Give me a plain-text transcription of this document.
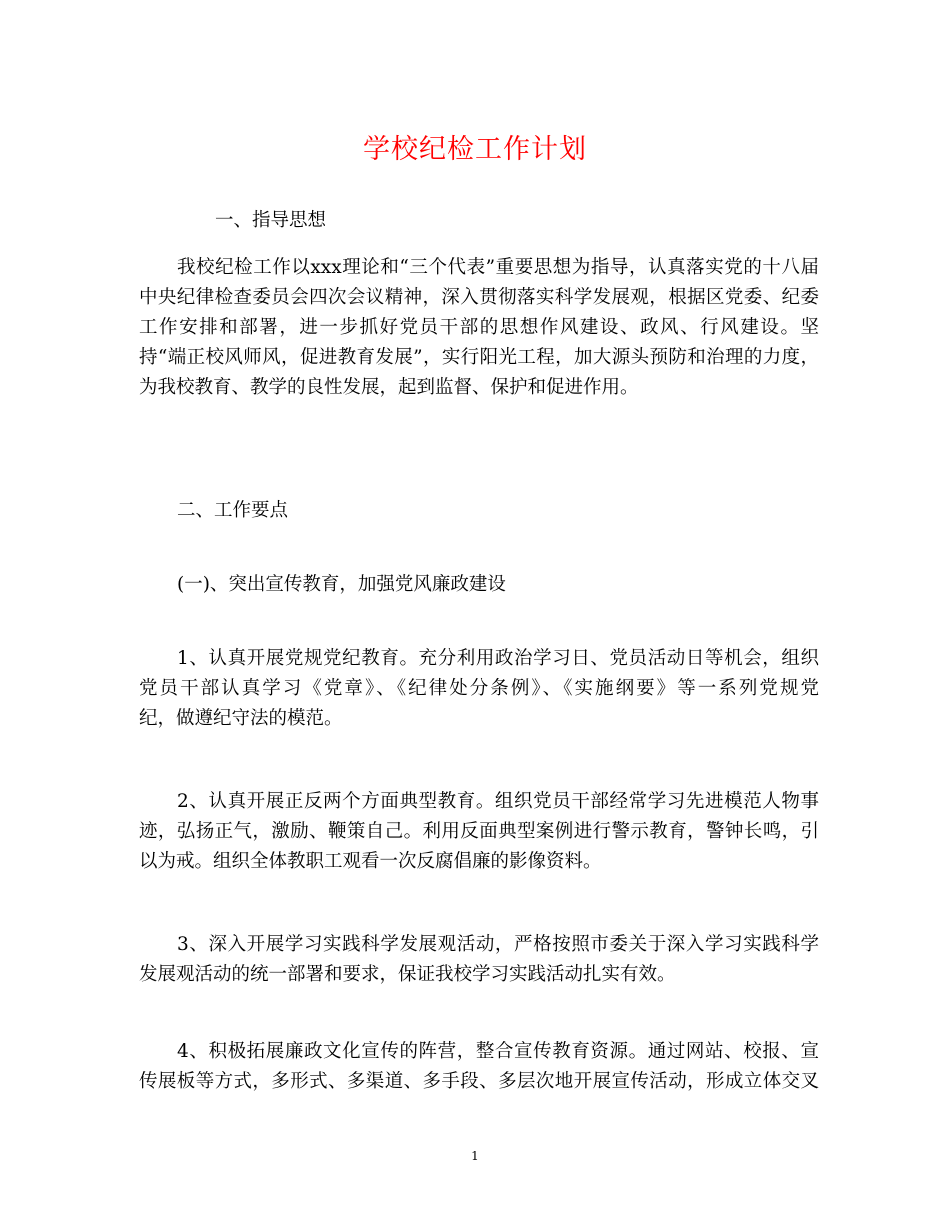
学校纪检工作计划

一、指导思想

我校纪检工作以xxx理论和“三个代表”重要思想为指导，认真落实党的十八届
中央纪律检查委员会四次会议精神，深入贯彻落实科学发展观，根据区党委、纪委
工作安排和部署，进一步抓好党员干部的思想作风建设、政风、行风建设。坚
持“端正校风师风，促进教育发展”，实行阳光工程，加大源头预防和治理的力度，
为我校教育、教学的良性发展，起到监督、保护和促进作用。

二、工作要点

(一)、突出宣传教育，加强党风廉政建设

1、认真开展党规党纪教育。充分利用政治学习日、党员活动日等机会，组织
党员干部认真学习《党章》、《纪律处分条例》、《实施纲要》等一系列党规党
纪，做遵纪守法的模范。
2、认真开展正反两个方面典型教育。组织党员干部经常学习先进模范人物事
迹，弘扬正气，激励、鞭策自己。利用反面典型案例进行警示教育，警钟长鸣，引
以为戒。组织全体教职工观看一次反腐倡廉的影像资料。
3、深入开展学习实践科学发展观活动，严格按照市委关于深入学习实践科学
发展观活动的统一部署和要求，保证我校学习实践活动扎实有效。
4、积极拓展廉政文化宣传的阵营，整合宣传教育资源。通过网站、校报、宣
传展板等方式，多形式、多渠道、多手段、多层次地开展宣传活动，形成立体交叉
1
